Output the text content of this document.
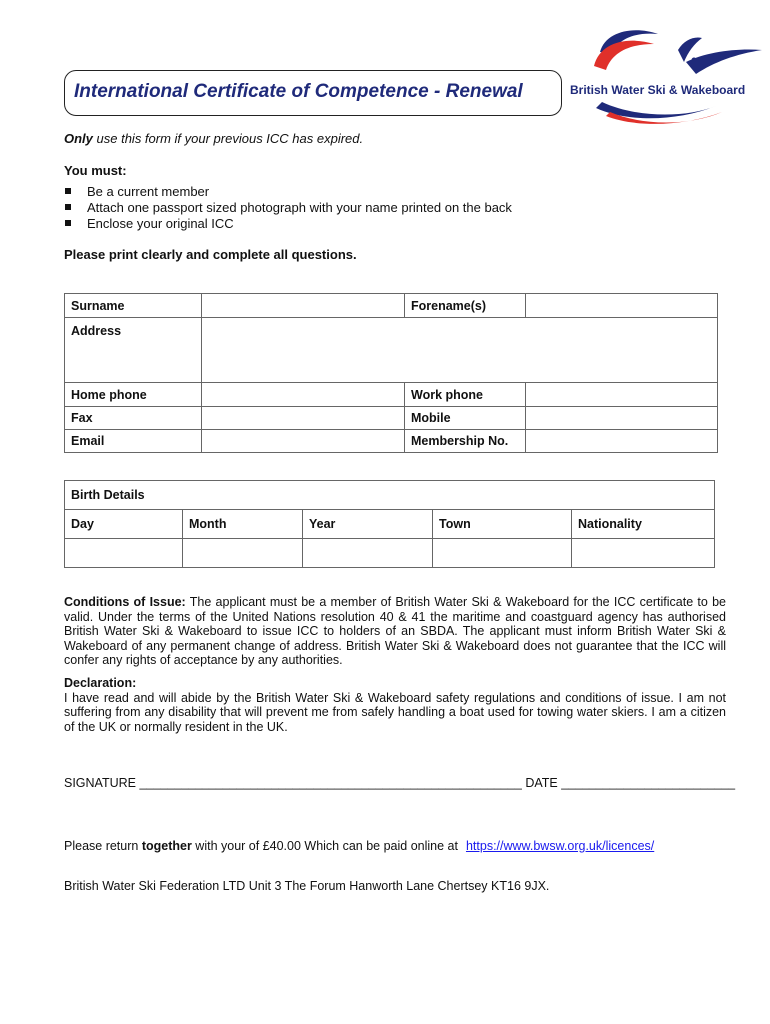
International Certificate of Competence - Renewal	British Water Ski & Wakeboard
Only use this form if your previous ICC has expired.
You must:
Be a current member
Attach one passport sized photograph with your name printed on the back
Enclose your original ICC
Please print clearly and complete all questions.
Surname		Forename(s)	
Address			
Home phone		Work phone	
Fax		Mobile	
Email		Membership No.	
Birth Details				
Day	Month	Year	Town	Nationality

Conditions of Issue: The applicant must be a member of British Water Ski & Wakeboard for the ICC certificate to be valid. Under the terms of the United Nations resolution 40 & 41 the maritime and coastguard agency has authorised British Water Ski & Wakeboard to issue ICC to holders of an SBDA. The applicant must inform British Water Ski & Wakeboard of any permanent change of address. British Water Ski & Wakeboard does not guarantee that the ICC will confer any rights of acceptance by any authorities.
Declaration:
I have read and will abide by the British Water Ski & Wakeboard safety regulations and conditions of issue. I am not suffering from any disability that will prevent me from safely handling a boat used for towing water skiers. I am a citizen of the UK or normally resident in the UK.
SIGNATURE _______________________________________________________ DATE _________________________
Please return together with your of £40.00 Which can be paid online at https://www.bwsw.org.uk/licences/
British Water Ski Federation LTD Unit 3 The Forum Hanworth Lane Chertsey KT16 9JX.
